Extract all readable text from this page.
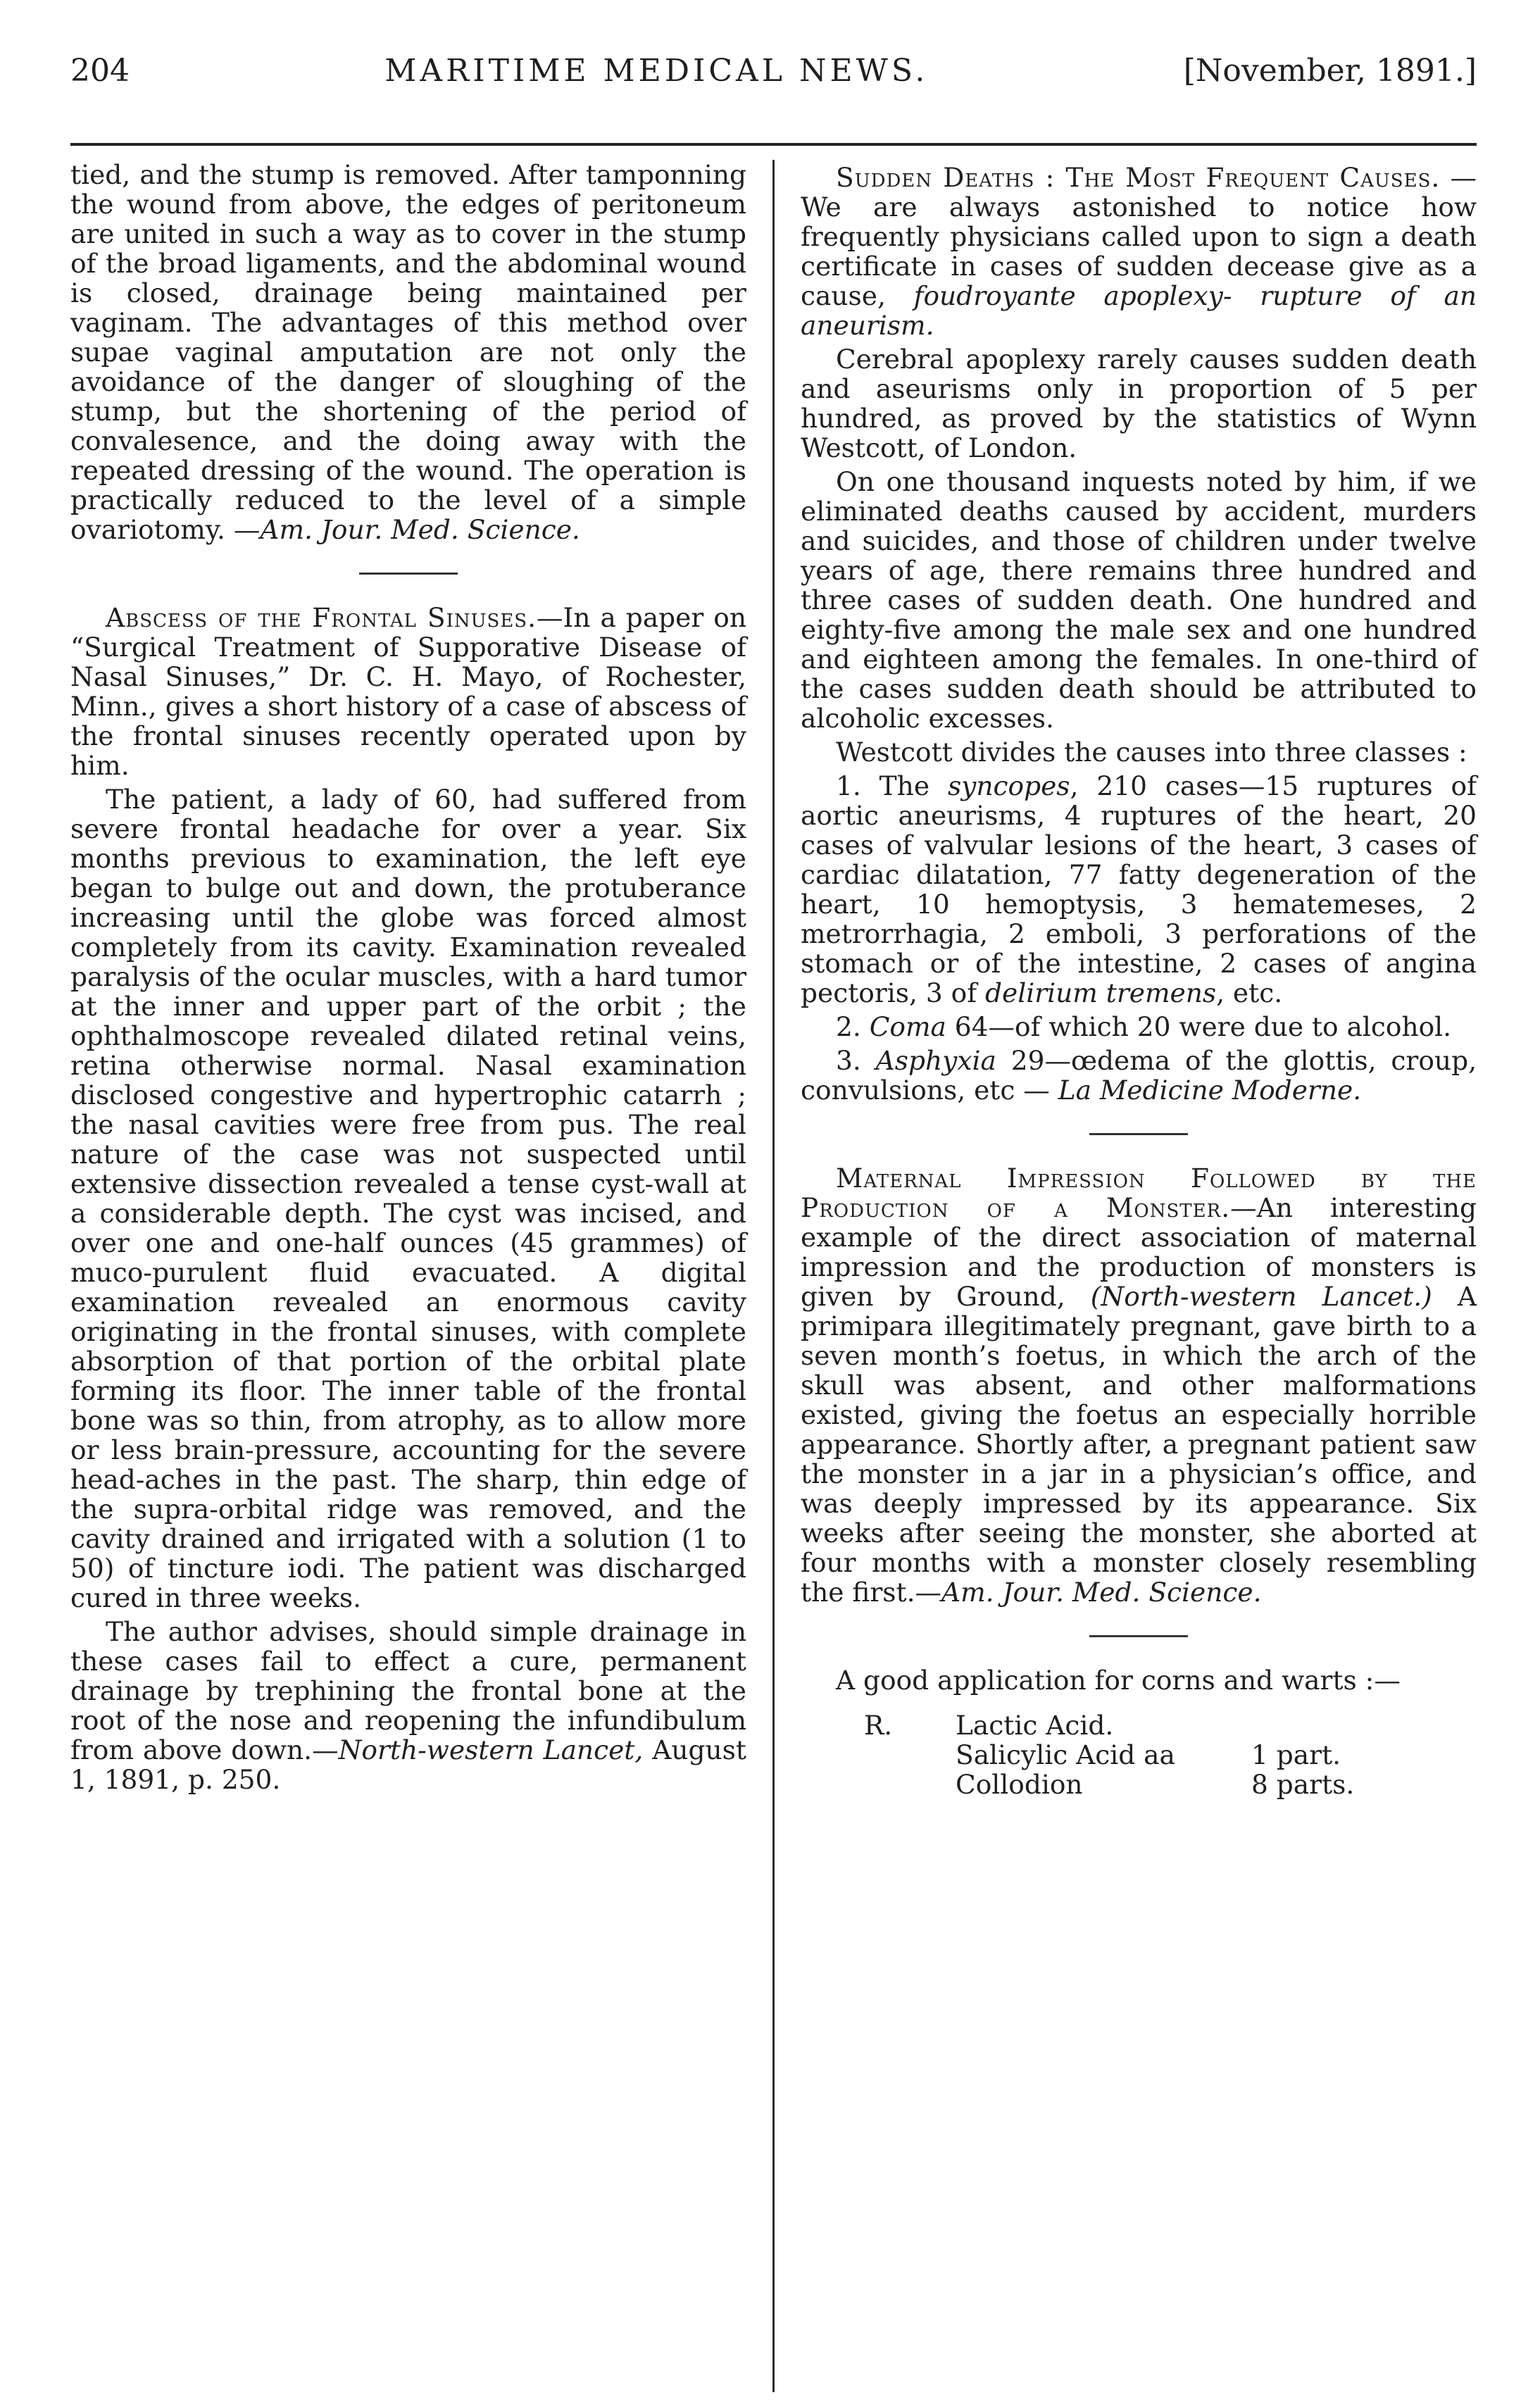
204	MARITIME MEDICAL NEWS.	[November, 1891.]

tied, and the stump is removed. After tamponning the wound from above, the edges of peritoneum are united in such a way as to cover in the stump of the broad ligaments, and the abdominal wound is closed, drainage being maintained per vaginam. The advantages of this method over supae vaginal amputation are not only the avoidance of the danger of sloughing of the stump, but the shortening of the period of convalesence, and the doing away with the repeated dressing of the wound. The operation is practically reduced to the level of a simple ovariotomy. —Am. Jour. Med. Science.

Abscess of the Frontal Sinuses.—In a paper on “Surgical Treatment of Supporative Disease of Nasal Sinuses,” Dr. C. H. Mayo, of Rochester, Minn., gives a short history of a case of abscess of the frontal sinuses recently operated upon by him.

The patient, a lady of 60, had suffered from severe frontal headache for over a year. Six months previous to examination, the left eye began to bulge out and down, the protuberance increasing until the globe was forced almost completely from its cavity. Examination revealed paralysis of the ocular muscles, with a hard tumor at the inner and upper part of the orbit ; the ophthalmoscope revealed dilated retinal veins, retina otherwise normal. Nasal examination disclosed congestive and hypertrophic catarrh ; the nasal cavities were free from pus. The real nature of the case was not suspected until extensive dissection revealed a tense cyst-wall at a considerable depth. The cyst was incised, and over one and one-half ounces (45 grammes) of muco-purulent fluid evacuated. A digital examination revealed an enormous cavity originating in the frontal sinuses, with complete absorption of that portion of the orbital plate forming its floor. The inner table of the frontal bone was so thin, from atrophy, as to allow more or less brain-pressure, accounting for the severe head-aches in the past. The sharp, thin edge of the supra-orbital ridge was removed, and the cavity drained and irrigated with a solution (1 to 50) of tincture iodi. The patient was discharged cured in three weeks.

The author advises, should simple drainage in these cases fail to effect a cure, permanent drainage by trephining the frontal bone at the root of the nose and reopening the infundibulum from above down.—North-western Lancet, August 1, 1891, p. 250.

Sudden Deaths : The Most Frequent Causes. — We are always astonished to notice how frequently physicians called upon to sign a death certificate in cases of sudden decease give as a cause, foudroyante apoplexy- rupture of an aneurism.

Cerebral apoplexy rarely causes sudden death and aseurisms only in proportion of 5 per hundred, as proved by the statistics of Wynn Westcott, of London.

On one thousand inquests noted by him, if we eliminated deaths caused by accident, murders and suicides, and those of children under twelve years of age, there remains three hundred and three cases of sudden death. One hundred and eighty-five among the male sex and one hundred and eighteen among the females. In one-third of the cases sudden death should be attributed to alcoholic excesses.

Westcott divides the causes into three classes :

1. The syncopes, 210 cases—15 ruptures of aortic aneurisms, 4 ruptures of the heart, 20 cases of valvular lesions of the heart, 3 cases of cardiac dilatation, 77 fatty degeneration of the heart, 10 hemoptysis, 3 hematemeses, 2 metrorrhagia, 2 emboli, 3 perforations of the stomach or of the intestine, 2 cases of angina pectoris, 3 of delirium tremens, etc.

2. Coma 64—of which 20 were due to alcohol.

3. Asphyxia 29—œdema of the glottis, croup, convulsions, etc — La Medicine Moderne.

Maternal Impression Followed by the Production of a Monster.—An interesting example of the direct association of maternal impression and the production of monsters is given by Ground, (North-western Lancet.) A primipara illegitimately pregnant, gave birth to a seven month’s foetus, in which the arch of the skull was absent, and other malformations existed, giving the foetus an especially horrible appearance. Shortly after, a pregnant patient saw the monster in a jar in a physician’s office, and was deeply impressed by its appearance. Six weeks after seeing the monster, she aborted at four months with a monster closely resembling the first.—Am. Jour. Med. Science.

A good application for corns and warts :—

R.	Lactic Acid.
Salicylic Acid aa	1 part.
Collodion	8 parts.
